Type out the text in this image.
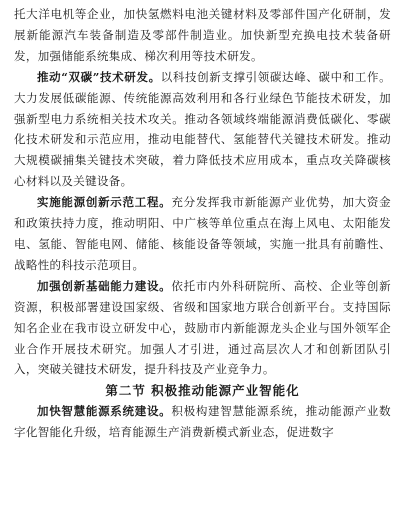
托大洋电机等企业，加快氢燃料电池关键材料及零部件国产化研制，发展新能源汽车装备制造及零部件制造业。加快新型充换电技术装备研发，加强储能系统集成、梯次利用等技术研发。

推动“双碳”技术研发。以科技创新支撑引领碳达峰、碳中和工作。大力发展低碳能源、传统能源高效利用和各行业绿色节能技术研发，加强新型电力系统相关技术攻关。推动各领域终端能源消费低碳化、零碳化技术研发和示范应用，推动电能替代、氢能替代关键技术研发。推动大规模碳捕集关键技术突破，着力降低技术应用成本，重点攻关降碳核心材料以及关键设备。

实施能源创新示范工程。充分发挥我市新能源产业优势，加大资金和政策扶持力度，推动明阳、中广核等单位重点在海上风电、太阳能发电、氢能、智能电网、储能、核能设备等领域，实施一批具有前瞻性、战略性的科技示范项目。

加强创新基础能力建设。依托市内外科研院所、高校、企业等创新资源，积极部署建设国家级、省级和国家地方联合创新平台。支持国际知名企业在我市设立研发中心，鼓励市内新能源龙头企业与国外领军企业合作开展技术研究。加强人才引进，通过高层次人才和创新团队引入，突破关键技术研发，提升科技及产业竞争力。

第二节 积极推动能源产业智能化

加快智慧能源系统建设。积极构建智慧能源系统，推动能源产业数字化智能化升级，培育能源生产消费新模式新业态，促进数字
